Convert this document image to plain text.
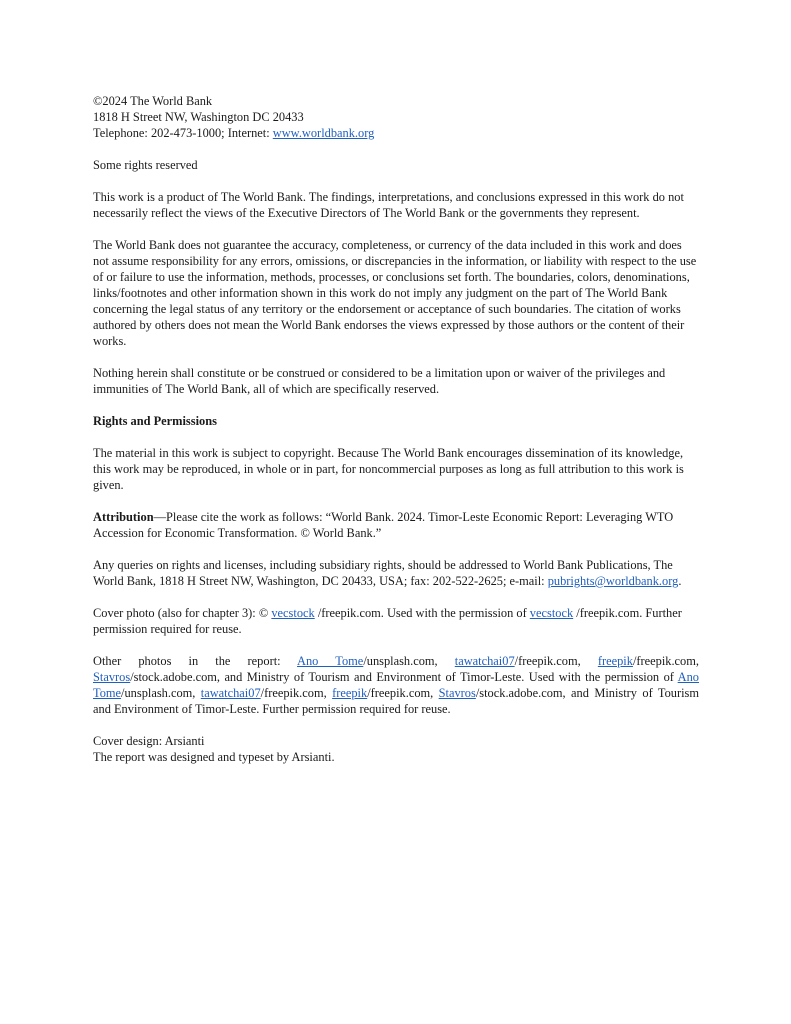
©2024 The World Bank

1818 H Street NW, Washington DC 20433

Telephone: 202-473-1000; Internet: www.worldbank.org

Some rights reserved

This work is a product of The World Bank. The findings, interpretations, and conclusions expressed in this work do not necessarily reflect the views of the Executive Directors of The World Bank or the governments they represent.

The World Bank does not guarantee the accuracy, completeness, or currency of the data included in this work and does not assume responsibility for any errors, omissions, or discrepancies in the information, or liability with respect to the use of or failure to use the information, methods, processes, or conclusions set forth. The boundaries, colors, denominations, links/footnotes and other information shown in this work do not imply any judgment on the part of The World Bank concerning the legal status of any territory or the endorsement or acceptance of such boundaries. The citation of works authored by others does not mean the World Bank endorses the views expressed by those authors or the content of their works.

Nothing herein shall constitute or be construed or considered to be a limitation upon or waiver of the privileges and immunities of The World Bank, all of which are specifically reserved.

Rights and Permissions

The material in this work is subject to copyright. Because The World Bank encourages dissemination of its knowledge, this work may be reproduced, in whole or in part, for noncommercial purposes as long as full attribution to this work is given.

Attribution—Please cite the work as follows: “World Bank. 2024. Timor-Leste Economic Report: Leveraging WTO Accession for Economic Transformation. © World Bank.”

Any queries on rights and licenses, including subsidiary rights, should be addressed to World Bank Publications, The World Bank, 1818 H Street NW, Washington, DC 20433, USA; fax: 202-522-2625; e-mail: pubrights@worldbank.org.

Cover photo (also for chapter 3): © vecstock /freepik.com. Used with the permission of vecstock /freepik.com. Further permission required for reuse.

Other photos in the report: Ano Tome/unsplash.com, tawatchai07/freepik.com, freepik/freepik.com, Stavros/stock.adobe.com, and Ministry of Tourism and Environment of Timor-Leste. Used with the permission of Ano Tome/unsplash.com, tawatchai07/freepik.com, freepik/freepik.com, Stavros/stock.adobe.com, and Ministry of Tourism and Environment of Timor-Leste. Further permission required for reuse.

Cover design: Arsianti

The report was designed and typeset by Arsianti.
